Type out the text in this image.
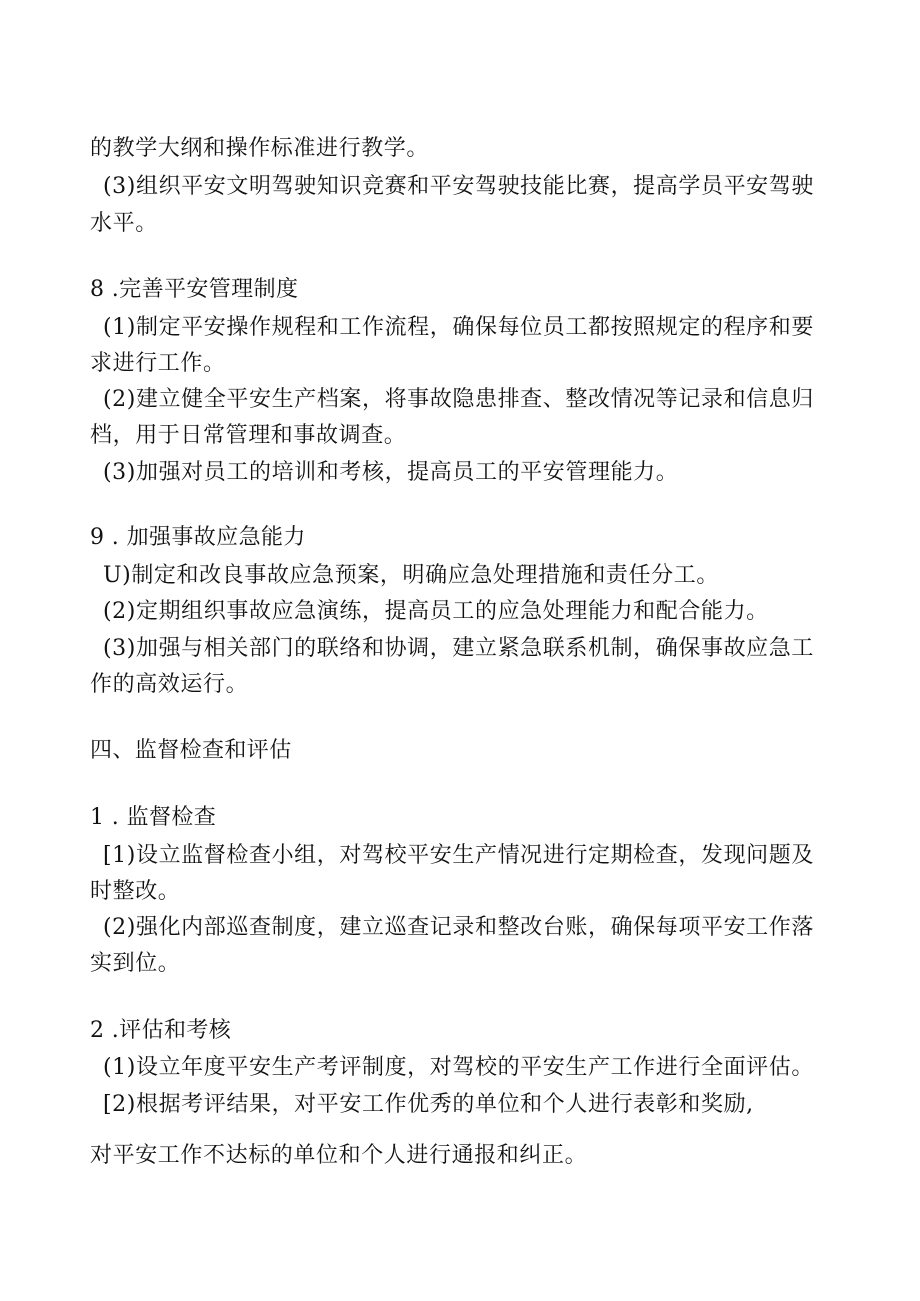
的教学大纲和操作标准进行教学。
(3)组织平安文明驾驶知识竞赛和平安驾驶技能比赛，提高学员平安驾驶
水平。
8 .完善平安管理制度
(1)制定平安操作规程和工作流程，确保每位员工都按照规定的程序和要
求进行工作。
(2)建立健全平安生产档案，将事故隐患排查、整改情况等记录和信息归
档，用于日常管理和事故调查。
(3)加强对员工的培训和考核，提高员工的平安管理能力。
9 . 加强事故应急能力
U)制定和改良事故应急预案，明确应急处理措施和责任分工。
(2)定期组织事故应急演练，提高员工的应急处理能力和配合能力。
(3)加强与相关部门的联络和协调，建立紧急联系机制，确保事故应急工
作的高效运行。
四、监督检查和评估
1 . 监督检查
[1)设立监督检查小组，对驾校平安生产情况进行定期检查，发现问题及
时整改。
(2)强化内部巡查制度，建立巡查记录和整改台账，确保每项平安工作落
实到位。
2 .评估和考核
(1)设立年度平安生产考评制度，对驾校的平安生产工作进行全面评估。
[2)根据考评结果，对平安工作优秀的单位和个人进行表彰和奖励,
对平安工作不达标的单位和个人进行通报和纠正。
